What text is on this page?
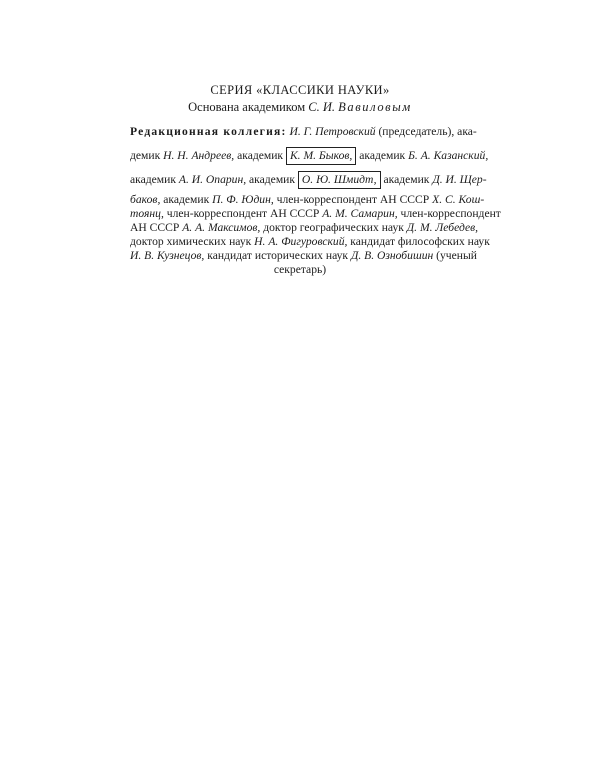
СЕРИЯ «КЛАССИКИ НАУКИ»
Основана академиком С. И. Вавиловым
Редакционная коллегия: И. Г. Петровский (председатель), ака-
демик Н. Н. Андреев, академик К. М. Быков, академик Б. А. Казанский,
академик А. И. Опарин, академик О. Ю. Шмидт, академик Д. И. Щер-
баков, академик П. Ф. Юдин, член-корреспондент АН СССР Х. С. Кош-
тоянц, член-корреспондент АН СССР А. М. Самарин, член-корреспондент
АН СССР А. А. Максимов, доктор географических наук Д. М. Лебедев,
доктор химических наук Н. А. Фигуровский, кандидат философских наук
И. В. Кузнецов, кандидат исторических наук Д. В. Ознобишин (ученый
секретарь)
